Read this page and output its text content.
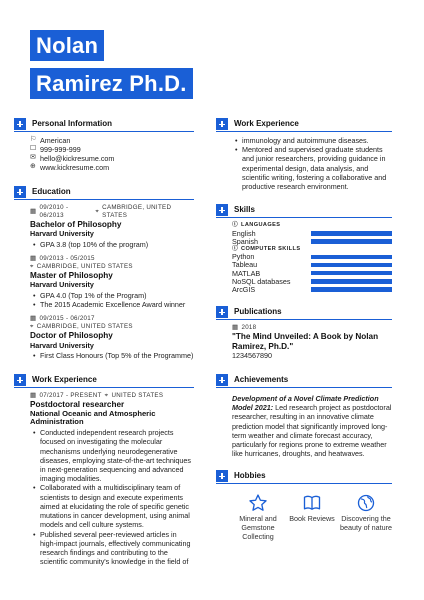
Nolan
Ramirez Ph.D.
Personal Information
⚐ American
☐ 999-999-999
✉ hello@kickresume.com
⊕ www.kickresume.com
Education
▦
09/2010 - 06/2013
⌖
CAMBRIDGE, UNITED STATES
Bachelor of Philosophy
Harvard University
• GPA 3.8 (top 10% of the program)
▦ 09/2013 - 05/2015
⌖ CAMBRIDGE, UNITED STATES
Master of Philosophy
Harvard University
• GPA 4.0 (Top 1% of the Program)
• The 2015 Academic Excellence Award winner
▦ 09/2015 - 06/2017
⌖ CAMBRIDGE, UNITED STATES
Doctor of Philosophy
Harvard University
• First Class Honours (Top 5% of the Programme)
Work Experience
▦ 07/2017 - PRESENT ⌖ UNITED STATES
Postdoctoral researcher
National Oceanic and Atmospheric Administration
• Conducted independent research projects focused on investigating the molecular mechanisms underlying neurodegenerative diseases, employing state-of-the-art techniques in next-generation sequencing and advanced imaging modalities.
• Collaborated with a multidisciplinary team of scientists to design and execute experiments aimed at elucidating the role of specific genetic mutations in cancer development, using animal models and cell culture systems.
• Published several peer-reviewed articles in high-impact journals, effectively communicating research findings and contributing to the scientific community's knowledge in the field of
Work Experience
• immunology and autoimmune diseases.
• Mentored and supervised graduate students and junior researchers, providing guidance in experimental design, data analysis, and scientific writing, fostering a collaborative and productive research environment.
Skills
ⓘ LANGUAGES
English
Spanish
ⓘ COMPUTER SKILLS
Python
Tableau
MATLAB
NoSQL databases
ArcGIS
Publications
▦ 2018
"The Mind Unveiled: A Book by Nolan Ramirez, Ph.D."
1234567890
Achievements
Development of a Novel Climate Prediction Model 2021: Led research project as postdoctoral researcher, resulting in an innovative climate prediction model that significantly improved long-term weather and climate forecast accuracy, particularly for regions prone to extreme weather like hurricanes, droughts, and heatwaves.
Hobbies
Mineral and Gemstone Collecting
Book Reviews Discovering the beauty of nature
